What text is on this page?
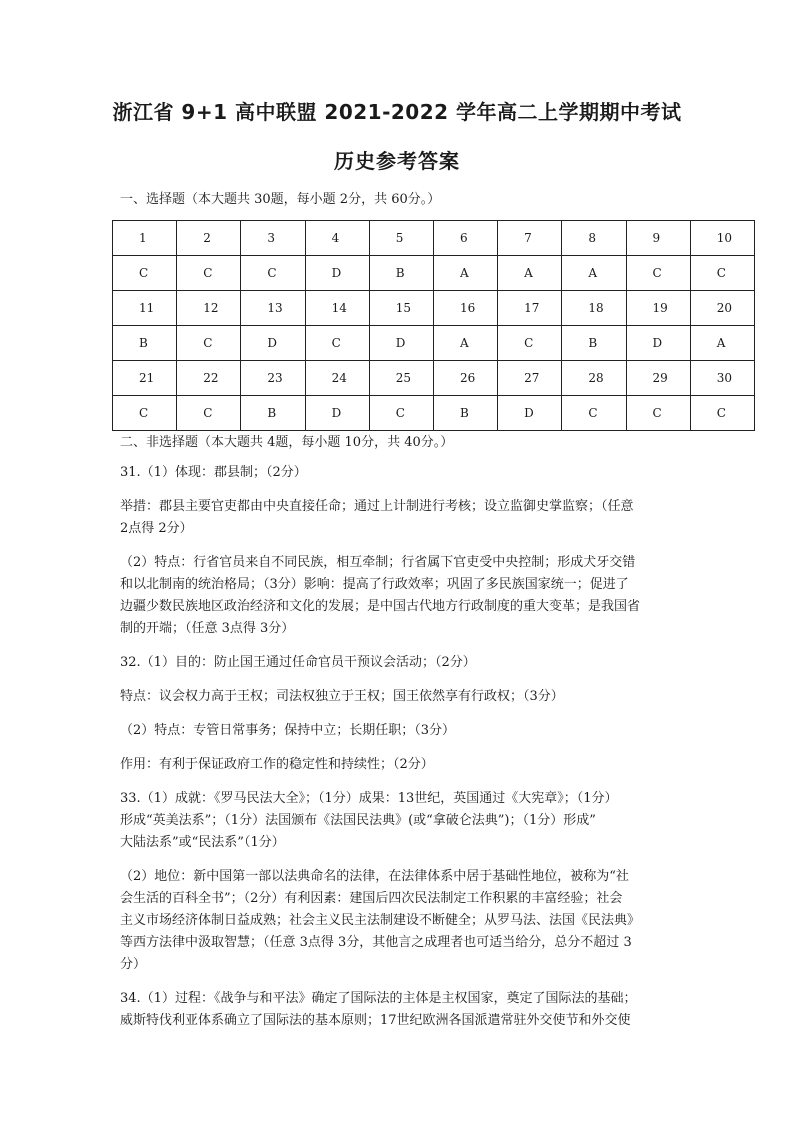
浙江省 9+1 高中联盟 2021-2022 学年高二上学期期中考试
历史参考答案
一、选择题（本大题共 30题，每小题 2分，共 60分。）
1	2	3	4	5	6	7	8	9	10
C	C	C	D	B	A	A	A	C	C
11	12	13	14	15	16	17	18	19	20
B	C	D	C	D	A	C	B	D	A
21	22	23	24	25	26	27	28	29	30
C	C	B	D	C	B	D	C	C	C
二、非选择题（本大题共 4题，每小题 10分，共 40分。）

31.（1）体现：郡县制；（2分）

举措：郡县主要官吏都由中央直接任命；通过上计制进行考核；设立监御史掌监察；（任意

2点得 2分）

（2）特点：行省官员来自不同民族，相互牵制；行省属下官吏受中央控制；形成犬牙交错

和以北制南的统治格局；（3分）影响：提高了行政效率；巩固了多民族国家统一；促进了

边疆少数民族地区政治经济和文化的发展；是中国古代地方行政制度的重大变革；是我国省

制的开端；（任意 3点得 3分）

32.（1）目的：防止国王通过任命官员干预议会活动；（2分）

特点：议会权力高于王权；司法权独立于王权；国王依然享有行政权；（3分）

（2）特点：专管日常事务；保持中立；长期任职；（3分）

作用：有利于保证政府工作的稳定性和持续性；（2分）

33.（1）成就：《罗马民法大全》；（1分）成果：13世纪，英国通过《大宪章》；（1分）

形成“英美法系”；（1分）法国颁布《法国民法典》(或“拿破仑法典”)；（1分）形成”

大陆法系”或“民法系”（1分）

（2）地位：新中国第一部以法典命名的法律，在法律体系中居于基础性地位，被称为“社

会生活的百科全书”；（2分）有利因素：建国后四次民法制定工作积累的丰富经验；社会

主义市场经济体制日益成熟；社会主义民主法制建设不断健全；从罗马法、法国《民法典》

等西方法律中汲取智慧；（任意 3点得 3分，其他言之成理者也可适当给分，总分不超过 3

分）

34.（1）过程：《战争与和平法》确定了国际法的主体是主权国家，奠定了国际法的基础；

威斯特伐利亚体系确立了国际法的基本原则；17世纪欧洲各国派遣常驻外交使节和外交使
